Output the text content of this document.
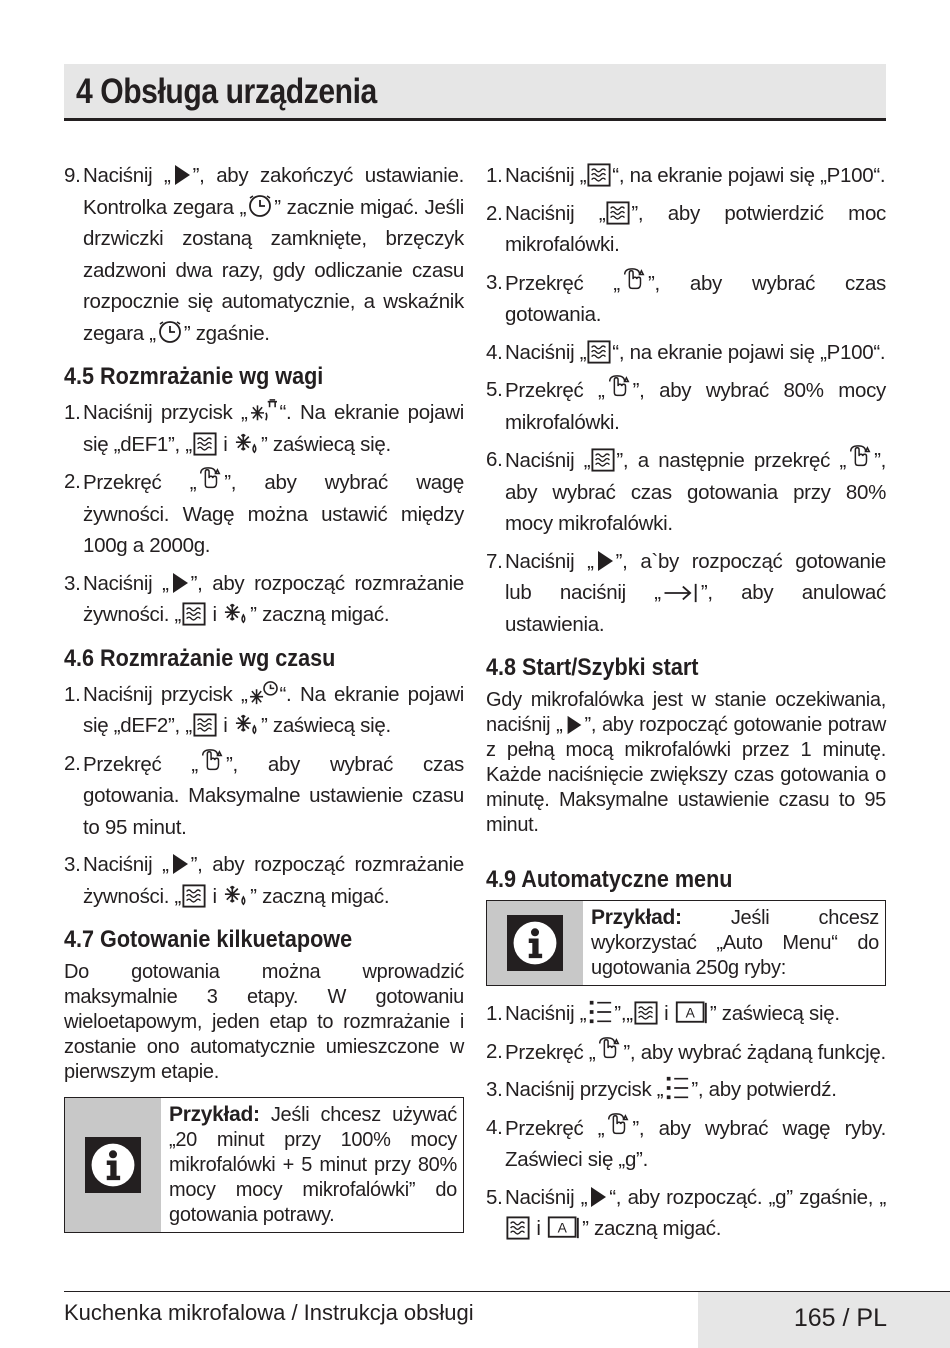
4 Obsługa urządzenia
9. Naciśnij „ ”, aby zakończyć ustawianie. Kontrolka zegara „ ” zacznie migać. Jeśli drzwiczki zostaną zamknięte, brzęczyk zadzwoni dwa razy, gdy odliczanie czasu rozpocznie się automatycznie, a wskaźnik zegara „ ” zgaśnie.
4.5 Rozmrażanie wg wagi
1. Naciśnij przycisk „ “. Na ekranie pojawi się „dEF1”, „ i ” zaświecą się.
2. Przekręć „ ”, aby wybrać wagę żywności. Wagę można ustawić między 100g a 2000g.
3. Naciśnij „ ”, aby rozpocząć rozmrażanie żywności. „ i ” zaczną migać.
4.6 Rozmrażanie wg czasu
1. Naciśnij przycisk „ “. Na ekranie pojawi się „dEF2”, „ i ” zaświecą się.
2. Przekręć „ ”, aby wybrać czas gotowania. Maksymalne ustawienie czasu to 95 minut.
3. Naciśnij „ ”, aby rozpocząć rozmrażanie żywności. „ i ” zaczną migać.
4.7 Gotowanie kilkuetapowe
Do gotowania można wprowadzić maksymalnie 3 etapy. W gotowaniu wieloetapowym, jeden etap to rozmrażanie i zostanie ono automatycznie umieszczone w pierwszym etapie.
Przykład: Jeśli chcesz używać „20 minut przy 100% mocy mikrofalówki + 5 minut przy 80% mocy mocy mikrofalówki” do gotowania potrawy.
1. Naciśnij „ “, na ekranie pojawi się „P100“.
2. Naciśnij „ ”, aby potwierdzić moc mikrofalówki.
3. Przekręć „ ”, aby wybrać czas gotowania.
4. Naciśnij „ “, na ekranie pojawi się „P100“.
5. Przekręć „ ”, aby wybrać 80% mocy mikrofalówki.
6. Naciśnij „ ”, a następnie przekręć „ ”, aby wybrać czas gotowania przy 80% mocy mikrofalówki.
7. Naciśnij „ ”, a`by rozpocząć gotowanie lub naciśnij „ ”, aby anulować ustawienia.
4.8 Start/Szybki start
Gdy mikrofalówka jest w stanie oczekiwania, naciśnij „ ”, aby rozpocząć gotowanie potraw z pełną mocą mikrofalówki przez 1 minutę. Każde naciśnięcie zwiększy czas gotowania o minutę. Maksymalne ustawienie czasu to 95 minut.
4.9 Automatyczne menu
Przykład: Jeśli chcesz wykorzystać „Auto Menu“ do ugotowania 250g ryby:
1. Naciśnij „ ”,„ i ” zaświecą się.
2. Przekręć „ ”, aby wybrać żądaną funkcję.
3. Naciśnij przycisk „ ”, aby potwierdź.
4. Przekręć „ ”, aby wybrać wagę ryby. Zaświeci się „g”.
5. Naciśnij „ “, aby rozpocząć. „g” zgaśnie, „ i ” zaczną migać.
Kuchenka mikrofalowa / Instrukcja obsługi	165 / PL
